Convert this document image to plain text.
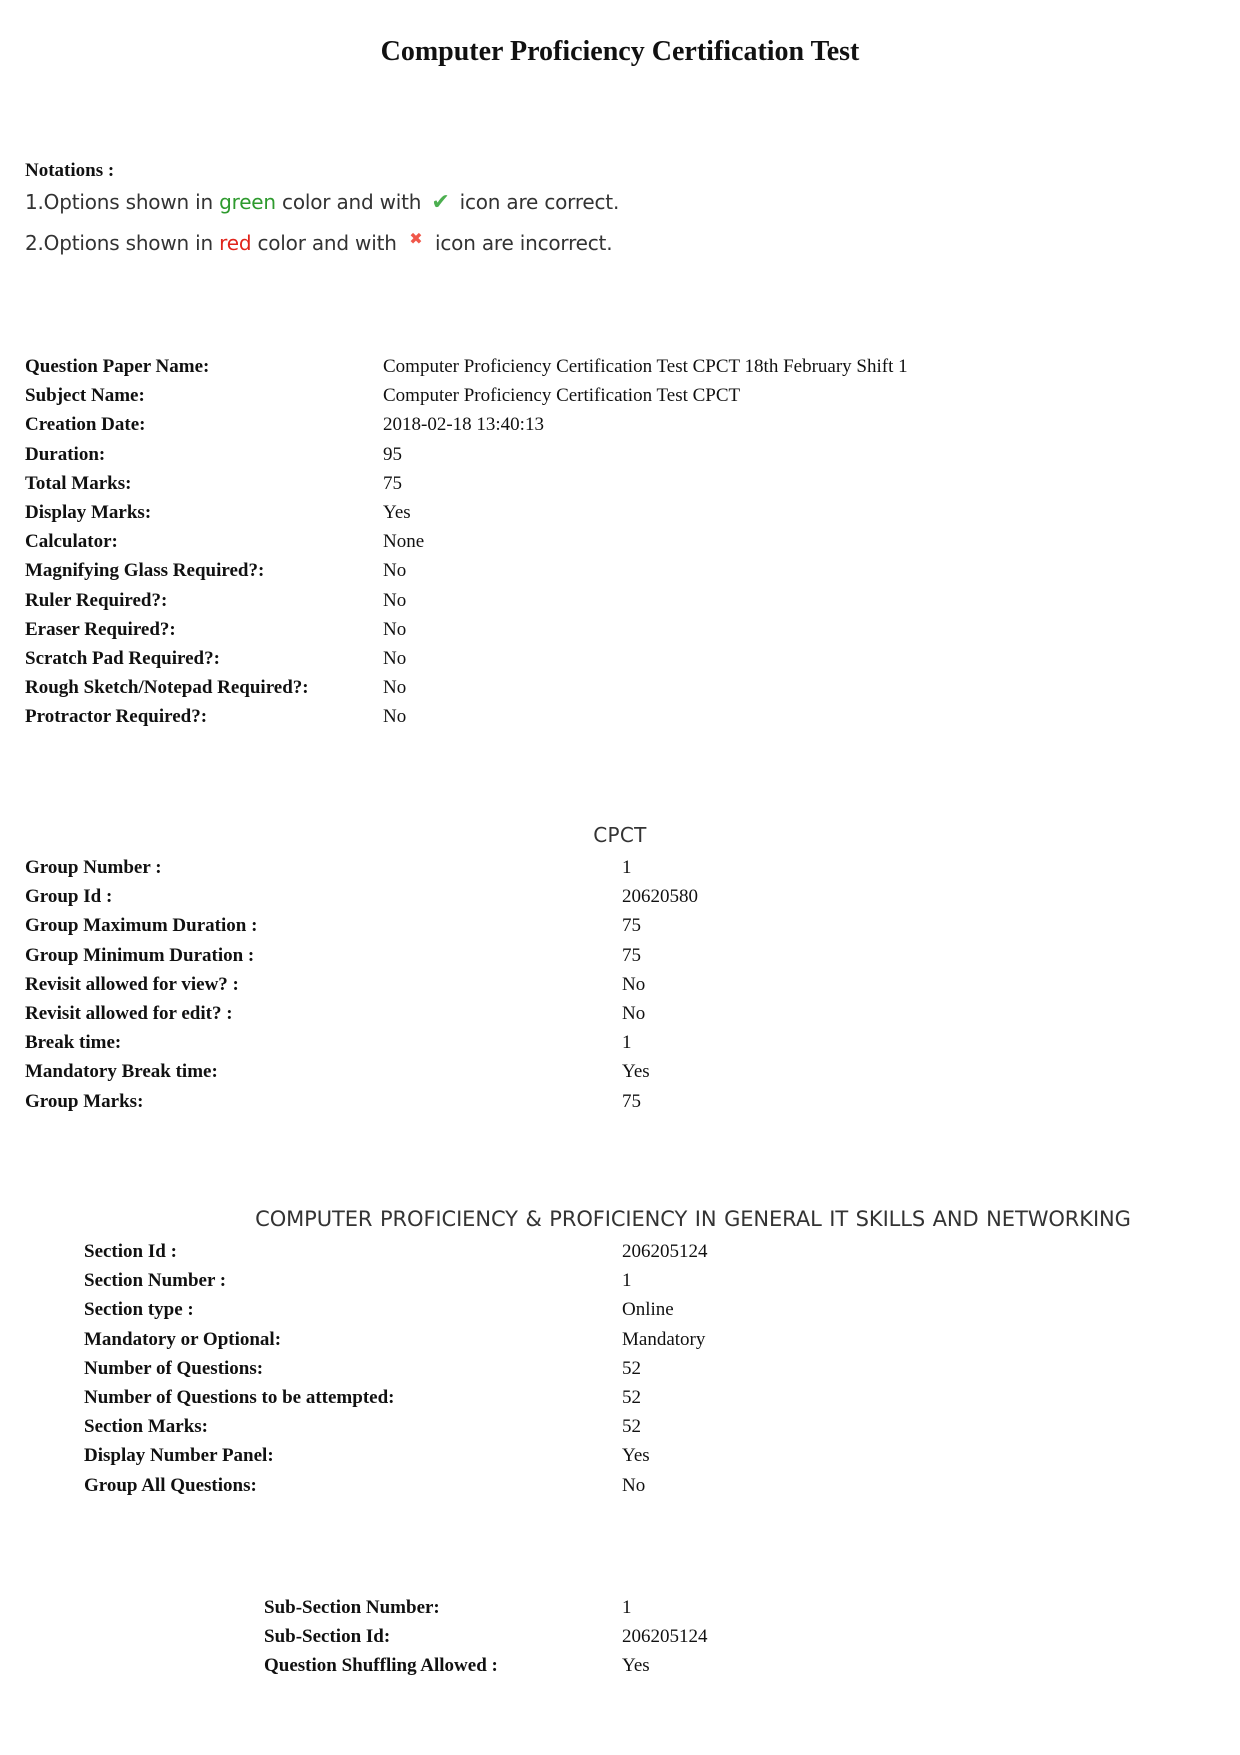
Computer Proficiency Certification Test
Notations :
1.Options shown in green color and with ✔ icon are correct.
2.Options shown in red color and with ✖ icon are incorrect.
Question Paper Name:	Computer Proficiency Certification Test CPCT 18th February Shift 1
Subject Name:	Computer Proficiency Certification Test CPCT
Creation Date:	2018-02-18 13:40:13
Duration:	95
Total Marks:	75
Display Marks:	Yes
Calculator:	None
Magnifying Glass Required?:	No
Ruler Required?:	No
Eraser Required?:	No
Scratch Pad Required?:	No
Rough Sketch/Notepad Required?:	No
Protractor Required?:	No
CPCT
Group Number :	1
Group Id :	20620580
Group Maximum Duration :	75
Group Minimum Duration :	75
Revisit allowed for view? :	No
Revisit allowed for edit? :	No
Break time:	1
Mandatory Break time:	Yes
Group Marks:	75
COMPUTER PROFICIENCY & PROFICIENCY IN GENERAL IT SKILLS AND NETWORKING
Section Id :	206205124
Section Number :	1
Section type :	Online
Mandatory or Optional:	Mandatory
Number of Questions:	52
Number of Questions to be attempted:	52
Section Marks:	52
Display Number Panel:	Yes
Group All Questions:	No
Sub-Section Number:	1
Sub-Section Id:	206205124
Question Shuffling Allowed :	Yes
